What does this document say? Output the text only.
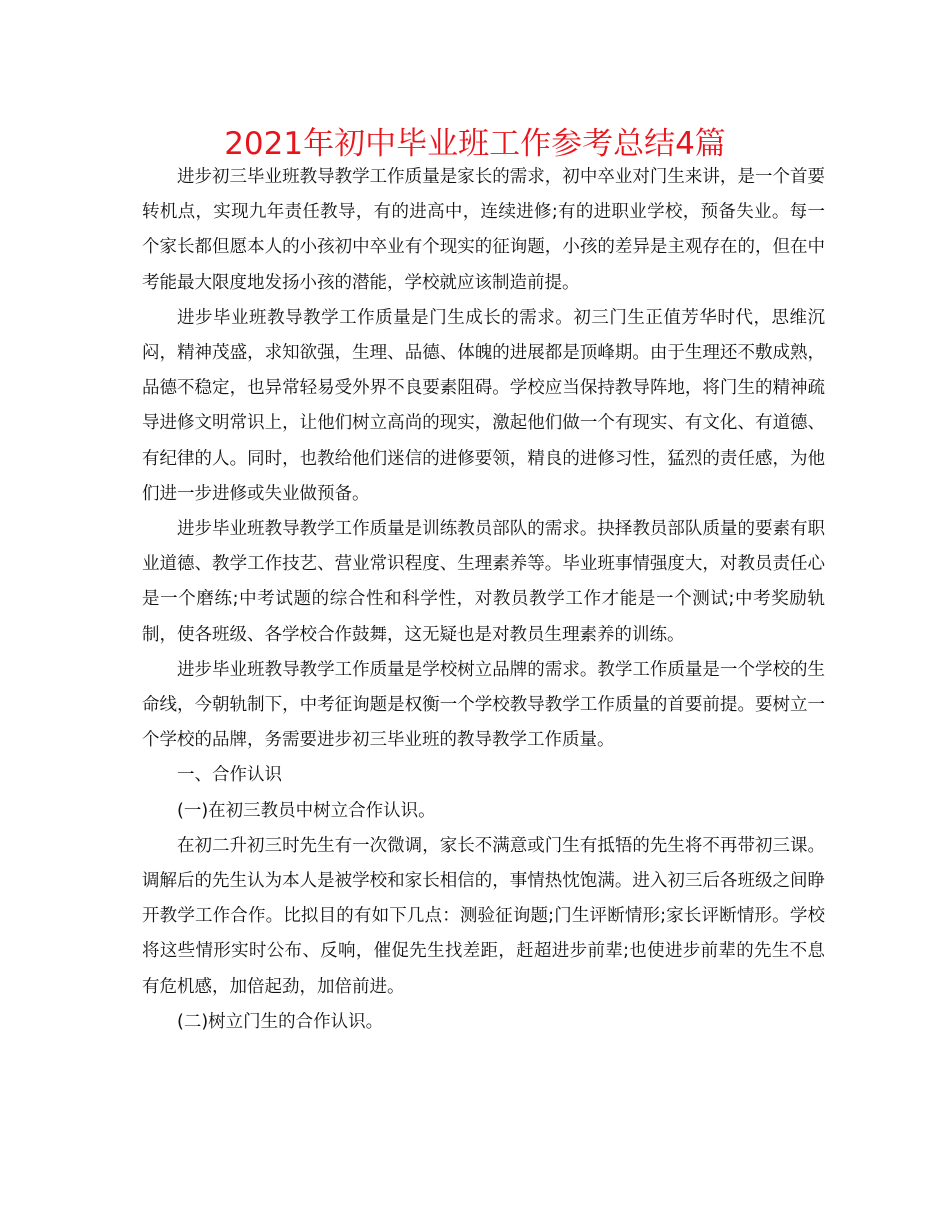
2021年初中毕业班工作参考总结4篇

进步初三毕业班教导教学工作质量是家长的需求，初中卒业对门生来讲，是一个首要转机点，实现九年责任教导，有的进高中，连续进修;有的进职业学校，预备失业。每一个家长都但愿本人的小孩初中卒业有个现实的征询题，小孩的差异是主观存在的，但在中考能最大限度地发扬小孩的潜能，学校就应该制造前提。

进步毕业班教导教学工作质量是门生成长的需求。初三门生正值芳华时代，思维沉闷，精神茂盛，求知欲强，生理、品德、体魄的进展都是顶峰期。由于生理还不敷成熟，品德不稳定，也异常轻易受外界不良要素阻碍。学校应当保持教导阵地，将门生的精神疏导进修文明常识上，让他们树立高尚的现实，激起他们做一个有现实、有文化、有道德、有纪律的人。同时，也教给他们迷信的进修要领，精良的进修习性，猛烈的责任感，为他们进一步进修或失业做预备。

进步毕业班教导教学工作质量是训练教员部队的需求。抉择教员部队质量的要素有职业道德、教学工作技艺、营业常识程度、生理素养等。毕业班事情强度大，对教员责任心是一个磨练;中考试题的综合性和科学性，对教员教学工作才能是一个测试;中考奖励轨制，使各班级、各学校合作鼓舞，这无疑也是对教员生理素养的训练。

进步毕业班教导教学工作质量是学校树立品牌的需求。教学工作质量是一个学校的生命线，今朝轨制下，中考征询题是权衡一个学校教导教学工作质量的首要前提。要树立一个学校的品牌，务需要进步初三毕业班的教导教学工作质量。

一、合作认识

(一)在初三教员中树立合作认识。

在初二升初三时先生有一次微调，家长不满意或门生有抵牾的先生将不再带初三课。调解后的先生认为本人是被学校和家长相信的，事情热忱饱满。进入初三后各班级之间睁开教学工作合作。比拟目的有如下几点：测验征询题;门生评断情形;家长评断情形。学校将这些情形实时公布、反响，催促先生找差距，赶超进步前辈;也使进步前辈的先生不息有危机感，加倍起劲，加倍前进。

(二)树立门生的合作认识。
